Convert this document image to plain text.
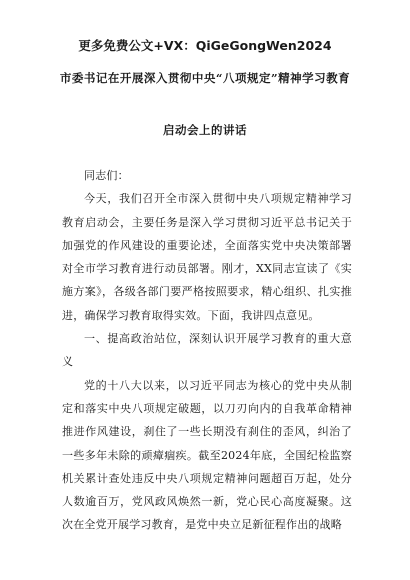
更多免费公文+VX：QiGeGongWen2024
市委书记在开展深入贯彻中央“八项规定”精神学习教育
启动会上的讲话

同志们：

今天，我们召开全市深入贯彻中央八项规定精神学习教育启动会，主要任务是深入学习贯彻习近平总书记关于加强党的作风建设的重要论述，全面落实党中央决策部署对全市学习教育进行动员部署。刚才，XX同志宣读了《实施方案》，各级各部门要严格按照要求，精心组织、扎实推进，确保学习教育取得实效。下面，我讲四点意见。

一、提高政治站位，深刻认识开展学习教育的重大意义

党的十八大以来，以习近平同志为核心的党中央从制定和落实中央八项规定破题，以刀刃向内的自我革命精神推进作风建设，刹住了一些长期没有刹住的歪风，纠治了一些多年未除的顽瘴痼疾。截至2024年底，全国纪检监察机关累计查处违反中央八项规定精神问题超百万起，处分人数逾百万，党风政风焕然一新，党心民心高度凝聚。这次在全党开展学习教育，是党中央立足新征程作出的战略
